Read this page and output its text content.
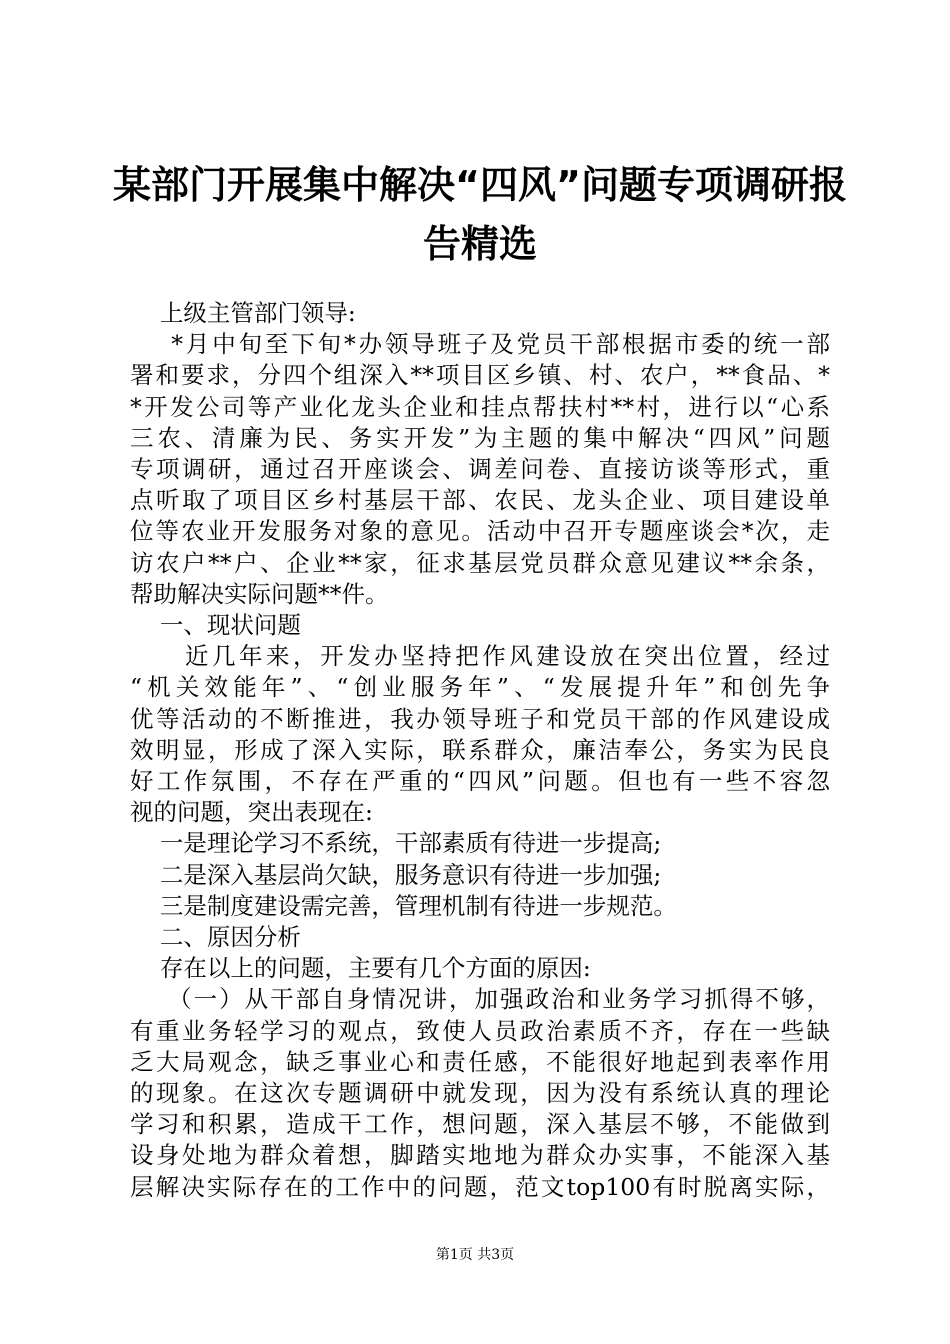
某部门开展集中解决“四风”问题专项调研报
告精选
上级主管部门领导:
*月中旬至下旬*办领导班子及党员干部根据市委的统一部
署和要求，分四个组深入**项目区乡镇、村、农户，**食品、*
*开发公司等产业化龙头企业和挂点帮扶村**村，进行以“心系
三农、清廉为民、务实开发”为主题的集中解决“四风”问题
专项调研，通过召开座谈会、调差问卷、直接访谈等形式，重
点听取了项目区乡村基层干部、农民、龙头企业、项目建设单
位等农业开发服务对象的意见。活动中召开专题座谈会*次，走
访农户**户、企业**家，征求基层党员群众意见建议**余条，
帮助解决实际问题**件。
一、现状问题
近几年来，开发办坚持把作风建设放在突出位置，经过
“机关效能年”、“创业服务年”、“发展提升年”和创先争
优等活动的不断推进，我办领导班子和党员干部的作风建设成
效明显，形成了深入实际，联系群众，廉洁奉公，务实为民良
好工作氛围，不存在严重的“四风”问题。但也有一些不容忽
视的问题，突出表现在:
一是理论学习不系统，干部素质有待进一步提高;
二是深入基层尚欠缺，服务意识有待进一步加强;
三是制度建设需完善，管理机制有待进一步规范。
二、原因分析
存在以上的问题，主要有几个方面的原因:
（一）从干部自身情况讲，加强政治和业务学习抓得不够，
有重业务轻学习的观点，致使人员政治素质不齐，存在一些缺
乏大局观念，缺乏事业心和责任感，不能很好地起到表率作用
的现象。在这次专题调研中就发现，因为没有系统认真的理论
学习和积累，造成干工作，想问题，深入基层不够，不能做到
设身处地为群众着想，脚踏实地地为群众办实事，不能深入基
层解决实际存在的工作中的问题，范文top100有时脱离实际，
第1页 共3页
